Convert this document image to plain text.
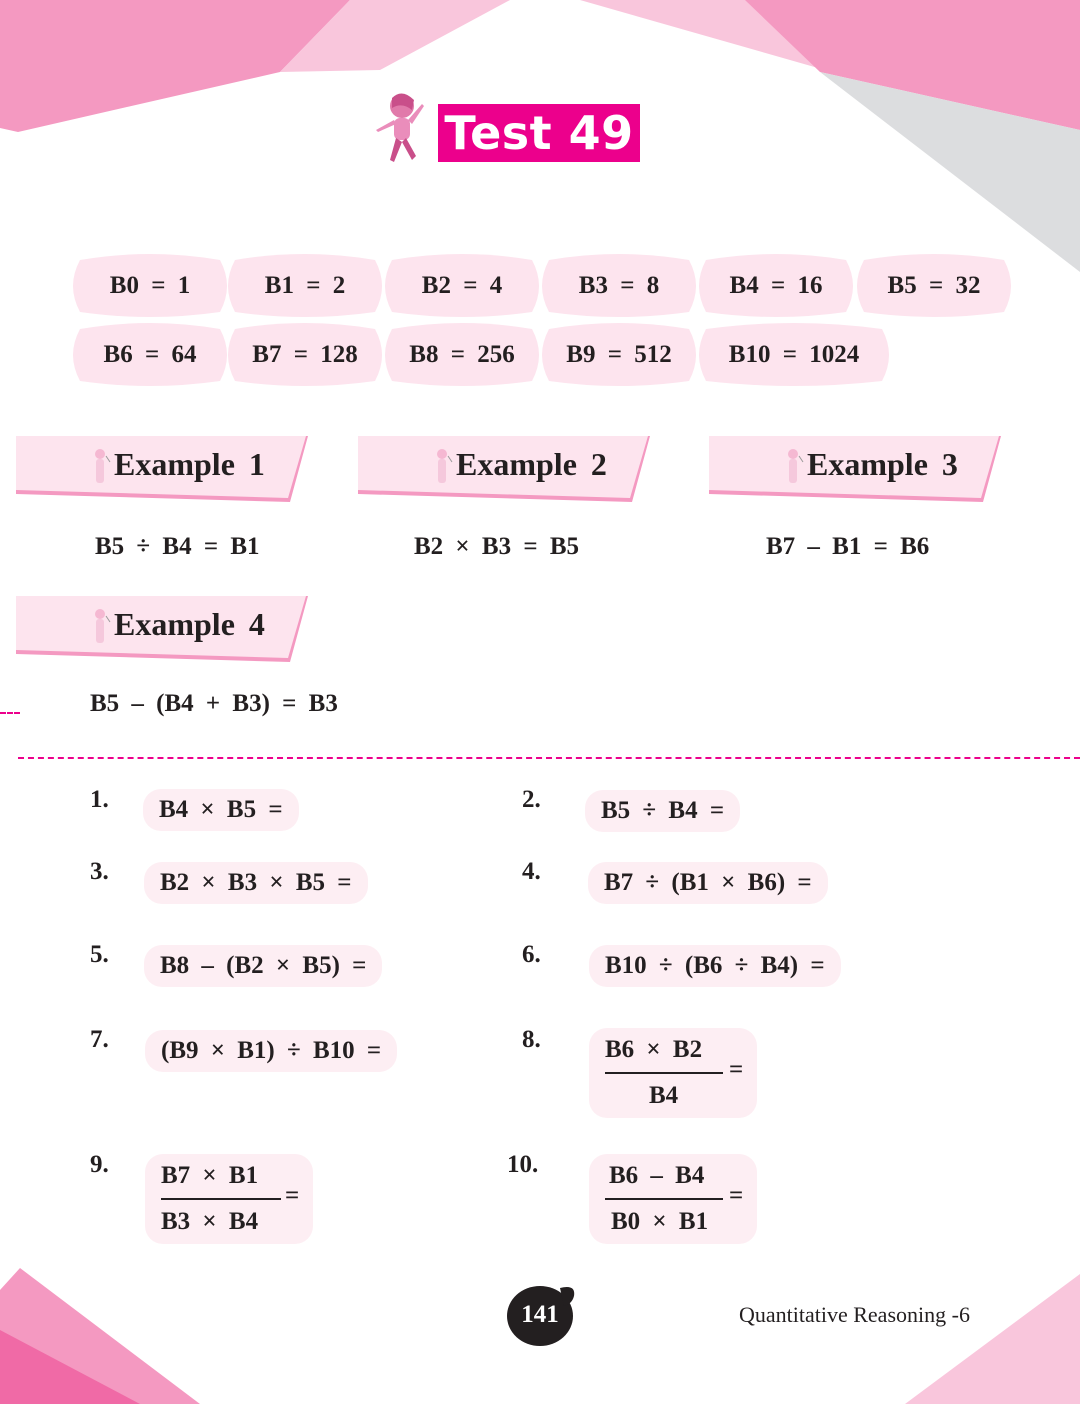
Test 49
B0 = 1	B1 = 2	B2 = 4	B3 = 8	B4 = 16	B5 = 32
B6 = 64	B7 = 128	B8 = 256	B9 = 512	B10 = 1024
Example 1	Example 2	Example 3
B5 ÷ B4 = B1	B2 × B3 = B5	B7 – B1 = B6
Example 4
B5 – (B4 + B3) = B3
1.	B4 × B5 =	2.	B5 ÷ B4 =
3.	B2 × B3 × B5 =	4.	B7 ÷ (B1 × B6) =
5.	B8 – (B2 × B5) =	6.	B10 ÷ (B6 ÷ B4) =
7.	(B9 × B1) ÷ B10 =	8.	B6 × B2
B4
=
9. B7 × B1
B3 × B4
=
10.	B6 – B4
B0 × B1
=
141	Quantitative Reasoning -6
